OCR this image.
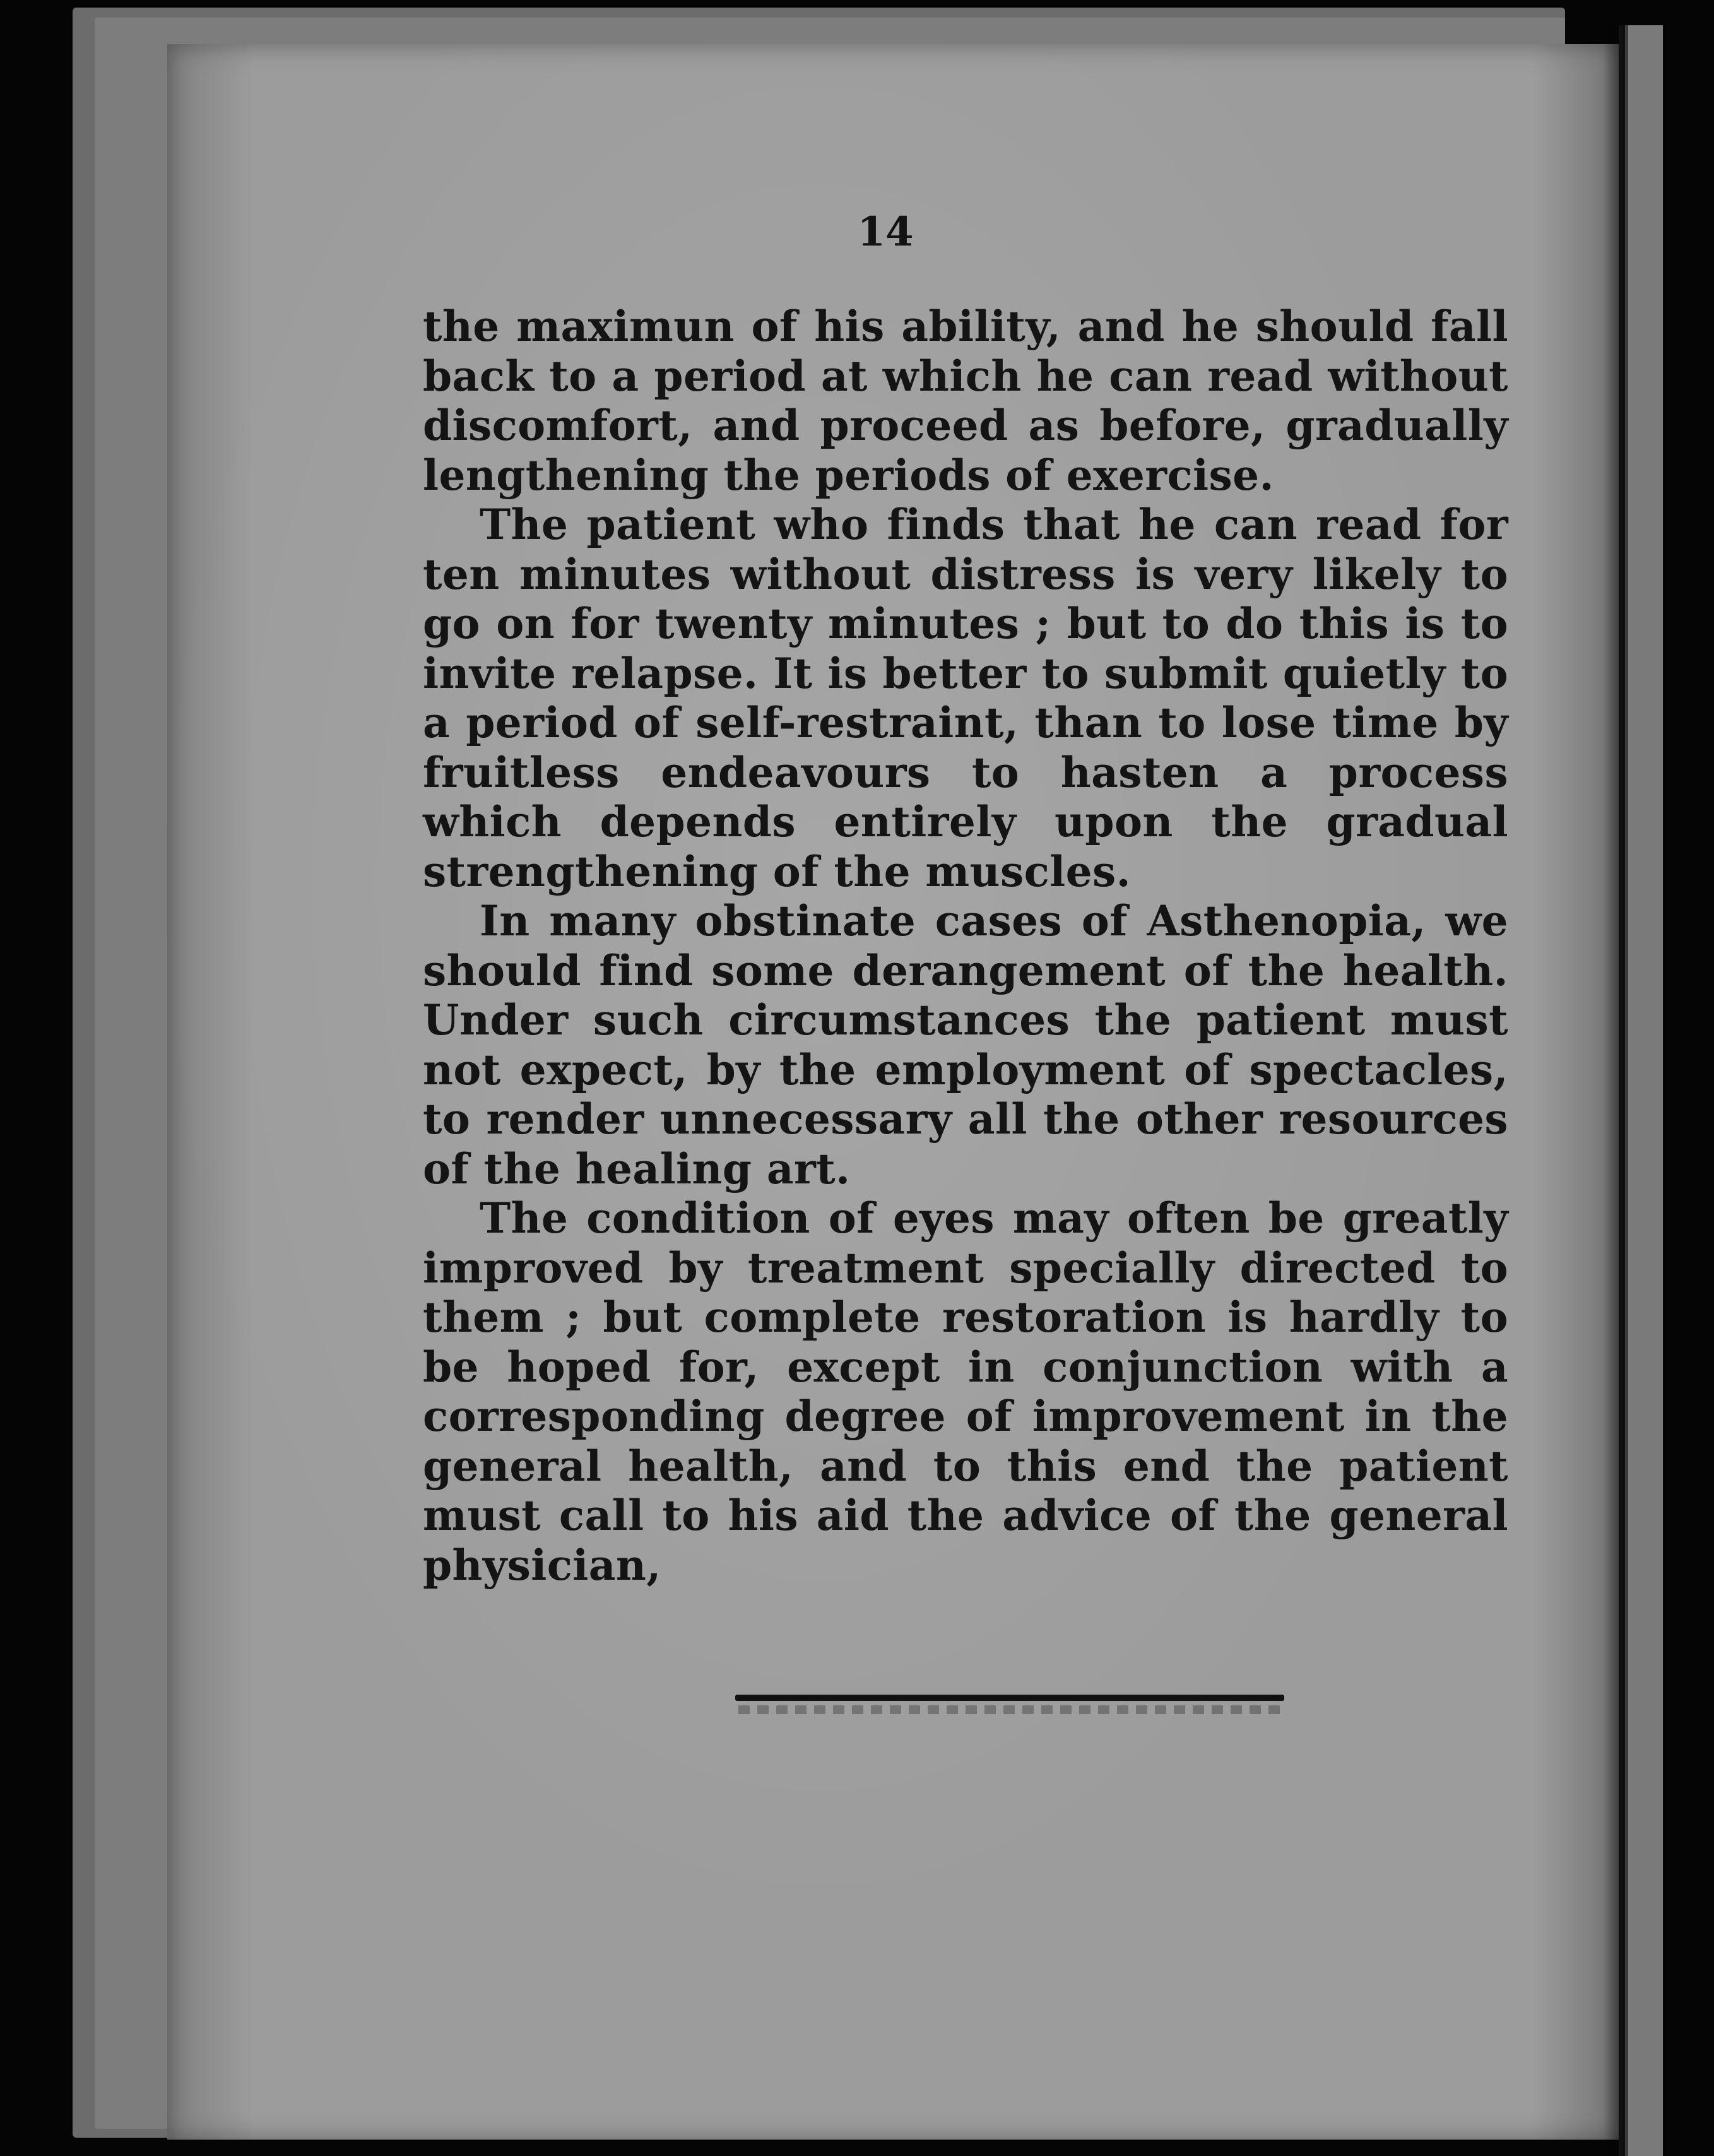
14

the maximun of his ability, and he should fall back to a period at which he can read without discomfort, and proceed as before, gradually lengthening the periods of exercise.

The patient who finds that he can read for ten minutes without distress is very likely to go on for twenty minutes ; but to do this is to invite relapse. It is better to submit quietly to a period of self-restraint, than to lose time by fruitless endeavours to hasten a process which depends entirely upon the gradual strengthening of the muscles.

In many obstinate cases of Asthenopia, we should find some derangement of the health. Under such circumstances the patient must not expect, by the employment of spectacles, to render unnecessary all the other resources of the healing art.

The condition of eyes may often be greatly improved by treatment specially directed to them ; but complete restoration is hardly to be hoped for, except in conjunction with a corresponding degree of improvement in the general health, and to this end the patient must call to his aid the advice of the general physician,
